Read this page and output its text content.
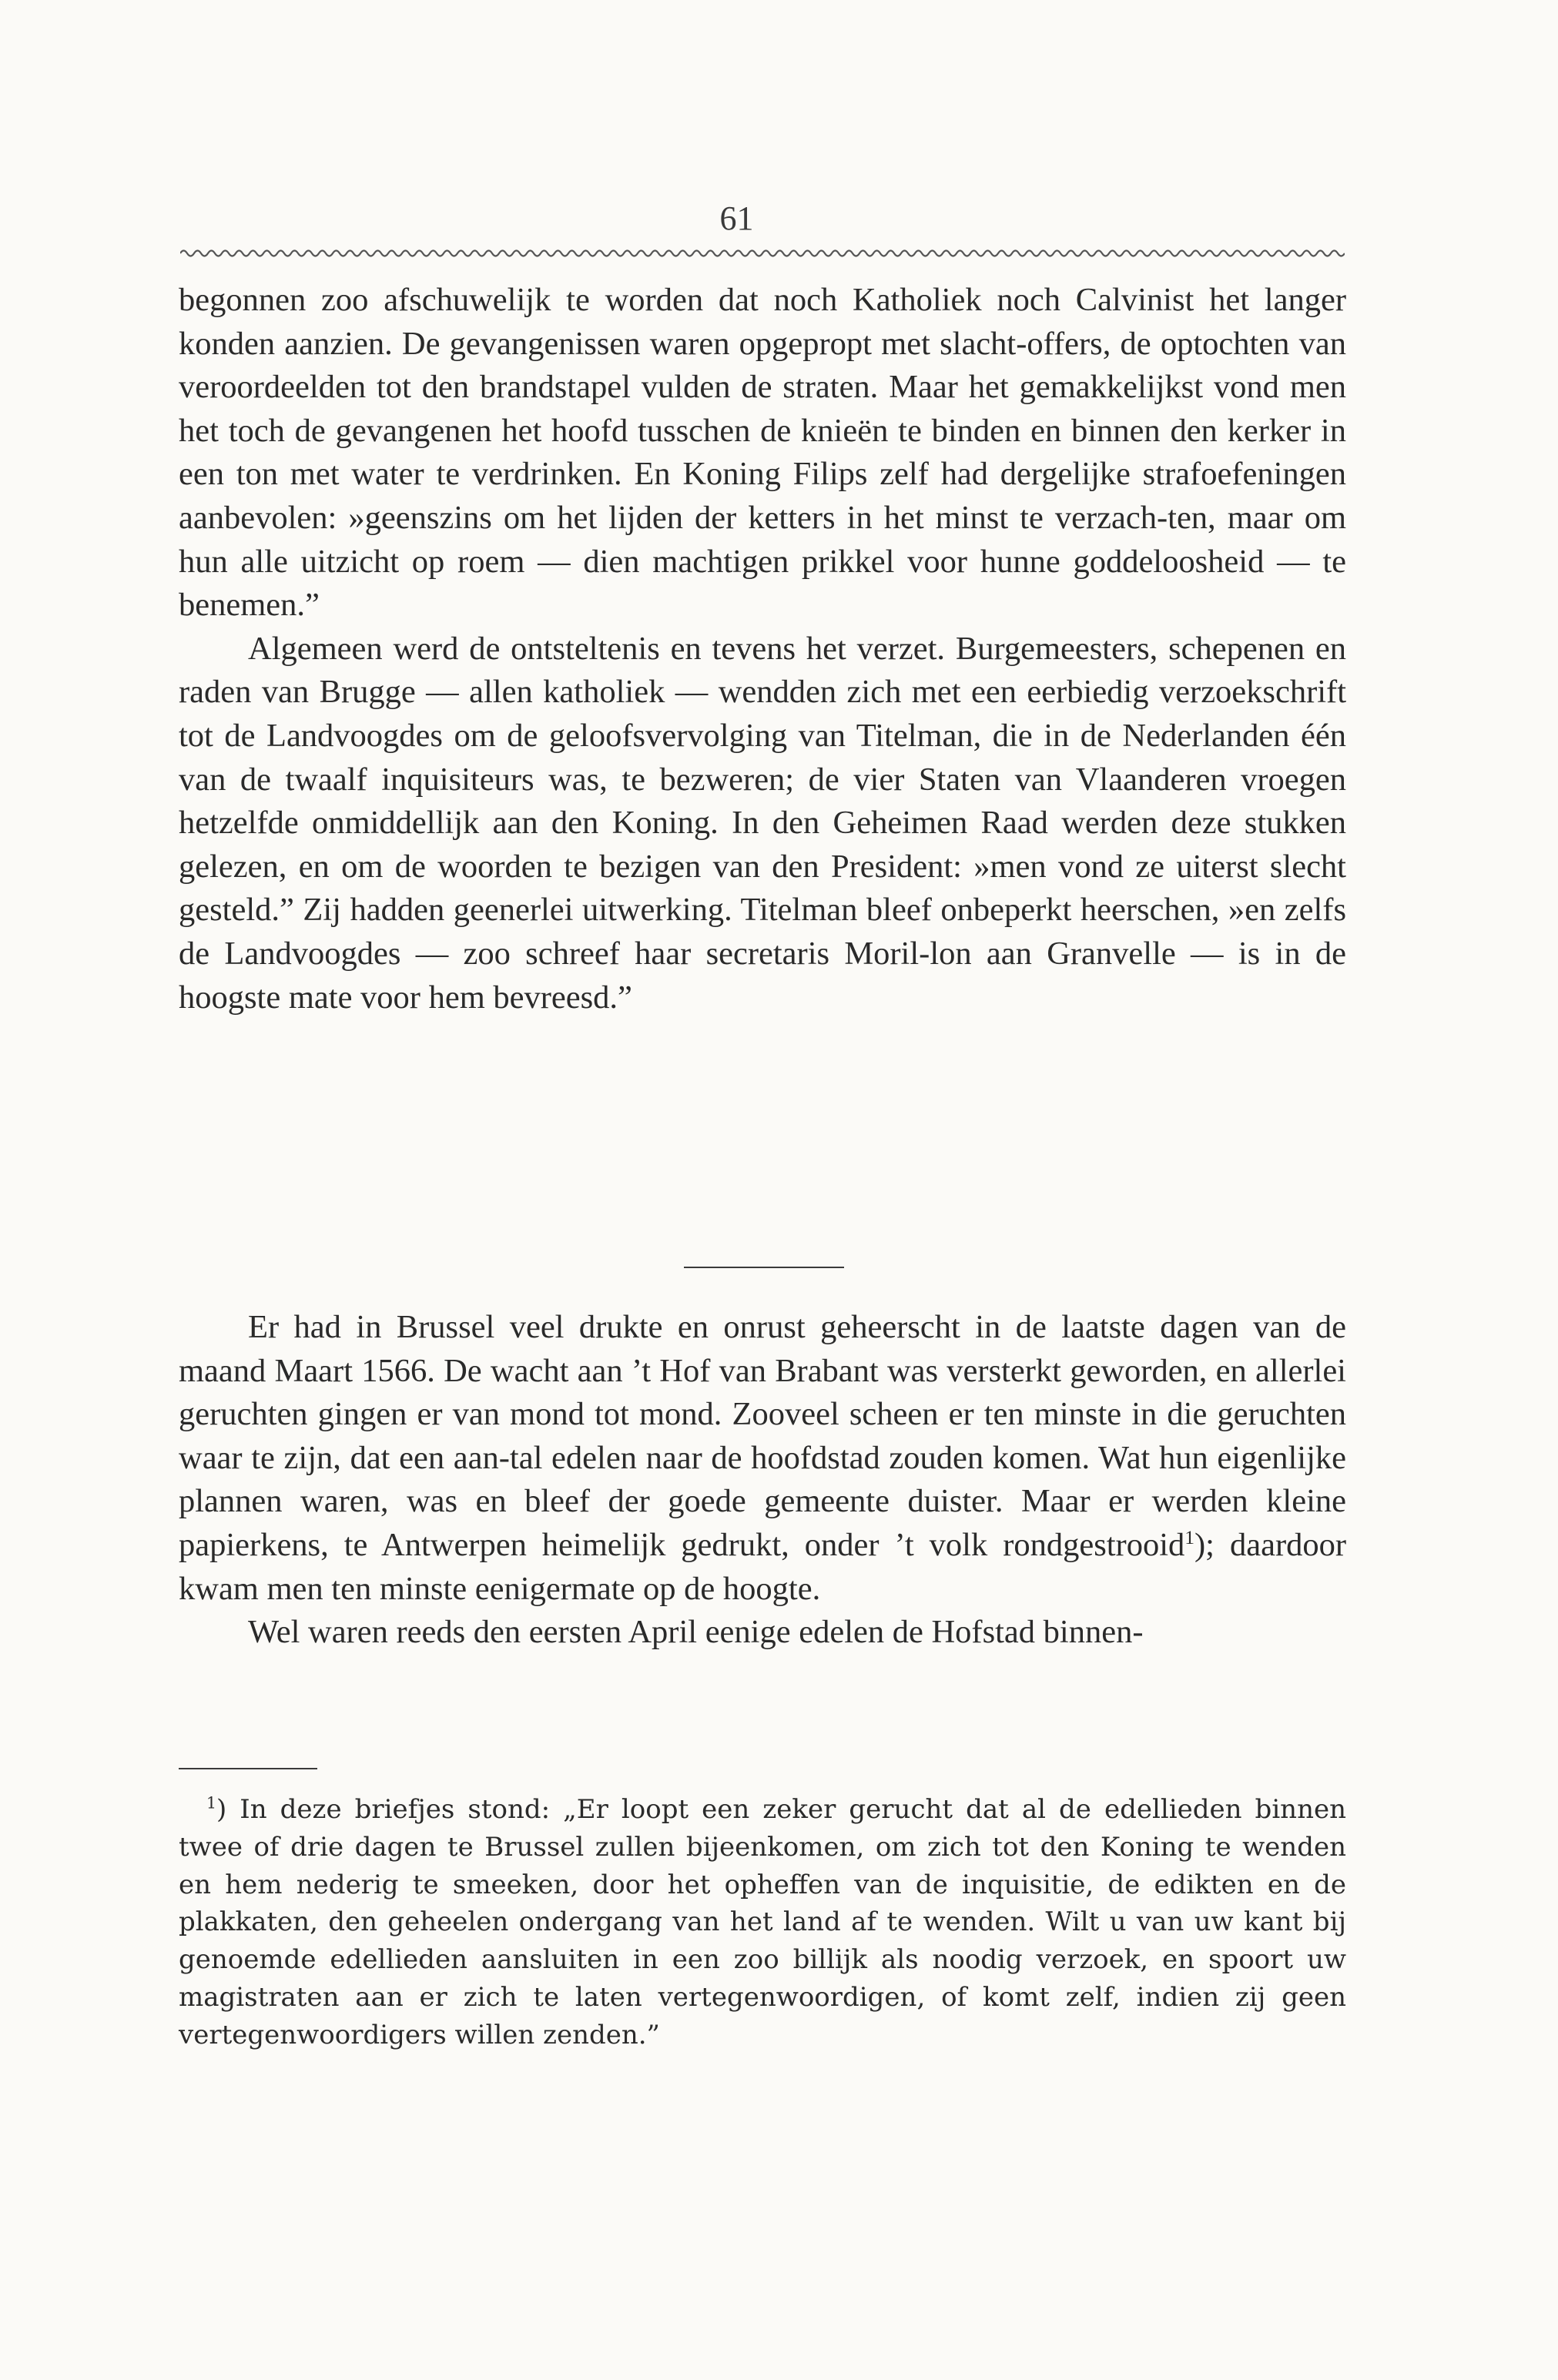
61

begonnen zoo afschuwelijk te worden dat noch Katholiek noch Calvinist het langer konden aanzien. De gevangenissen waren opgepropt met slacht-offers, de optochten van veroordeelden tot den brandstapel vulden de straten. Maar het gemakkelijkst vond men het toch de gevangenen het hoofd tusschen de knieën te binden en binnen den kerker in een ton met water te verdrinken. En Koning Filips zelf had dergelijke strafoefeningen aanbevolen: »geenszins om het lijden der ketters in het minst te verzach-ten, maar om hun alle uitzicht op roem — dien machtigen prikkel voor hunne goddeloosheid — te benemen.”

Algemeen werd de ontsteltenis en tevens het verzet. Burgemeesters, schepenen en raden van Brugge — allen katholiek — wendden zich met een eerbiedig verzoekschrift tot de Landvoogdes om de geloofsvervolging van Titelman, die in de Nederlanden één van de twaalf inquisiteurs was, te bezweren; de vier Staten van Vlaanderen vroegen hetzelfde onmiddellijk aan den Koning. In den Geheimen Raad werden deze stukken gelezen, en om de woorden te bezigen van den President: »men vond ze uiterst slecht gesteld.” Zij hadden geenerlei uitwerking. Titelman bleef onbeperkt heerschen, »en zelfs de Landvoogdes — zoo schreef haar secretaris Moril-lon aan Granvelle — is in de hoogste mate voor hem bevreesd.”

Er had in Brussel veel drukte en onrust geheerscht in de laatste dagen van de maand Maart 1566. De wacht aan ’t Hof van Brabant was versterkt geworden, en allerlei geruchten gingen er van mond tot mond. Zooveel scheen er ten minste in die geruchten waar te zijn, dat een aan-tal edelen naar de hoofdstad zouden komen. Wat hun eigenlijke plannen waren, was en bleef der goede gemeente duister. Maar er werden kleine papierkens, te Antwerpen heimelijk gedrukt, onder ’t volk rondgestrooid$^1$); daardoor kwam men ten minste eenigermate op de hoogte.

Wel waren reeds den eersten April eenige edelen de Hofstad binnen-

$^1$) In deze briefjes stond: „Er loopt een zeker gerucht dat al de edellieden binnen twee of drie dagen te Brussel zullen bijeenkomen, om zich tot den Koning te wenden en hem nederig te smeeken, door het opheffen van de inquisitie, de edikten en de plakkaten, den geheelen ondergang van het land af te wenden. Wilt u van uw kant bij genoemde edellieden aansluiten in een zoo billijk als noodig verzoek, en spoort uw magistraten aan er zich te laten vertegenwoordigen, of komt zelf, indien zij geen vertegenwoordigers willen zenden.”
